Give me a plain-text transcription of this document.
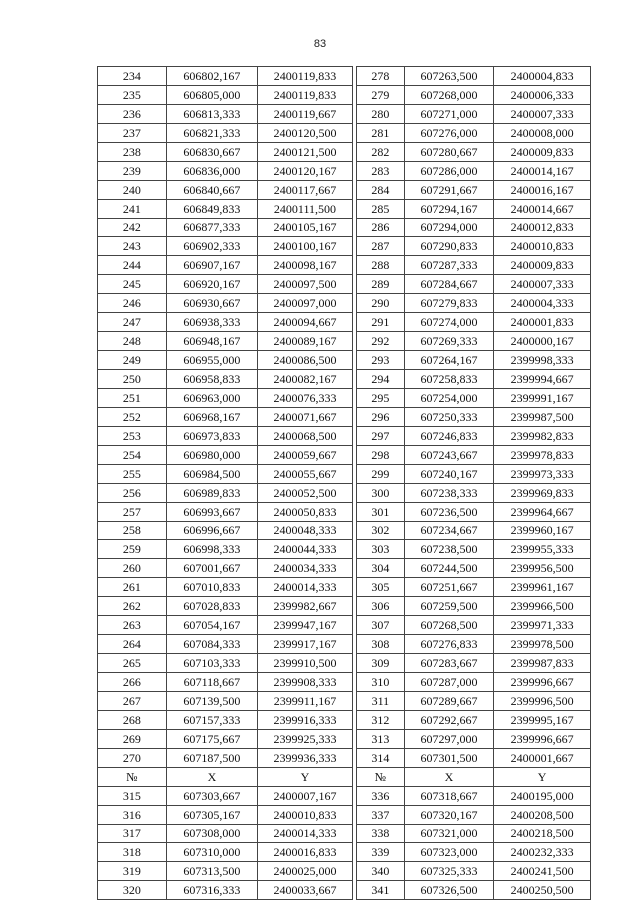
83
234	606802,167	2400119,833		278	607263,500	2400004,833
235	606805,000	2400119,833		279	607268,000	2400006,333
236	606813,333	2400119,667		280	607271,000	2400007,333
237	606821,333	2400120,500		281	607276,000	2400008,000
238	606830,667	2400121,500		282	607280,667	2400009,833
239	606836,000	2400120,167		283	607286,000	2400014,167
240	606840,667	2400117,667		284	607291,667	2400016,167
241	606849,833	2400111,500		285	607294,167	2400014,667
242	606877,333	2400105,167		286	607294,000	2400012,833
243	606902,333	2400100,167		287	607290,833	2400010,833
244	606907,167	2400098,167		288	607287,333	2400009,833
245	606920,167	2400097,500		289	607284,667	2400007,333
246	606930,667	2400097,000		290	607279,833	2400004,333
247	606938,333	2400094,667		291	607274,000	2400001,833
248	606948,167	2400089,167		292	607269,333	2400000,167
249	606955,000	2400086,500		293	607264,167	2399998,333
250	606958,833	2400082,167		294	607258,833	2399994,667
251	606963,000	2400076,333		295	607254,000	2399991,167
252	606968,167	2400071,667		296	607250,333	2399987,500
253	606973,833	2400068,500		297	607246,833	2399982,833
254	606980,000	2400059,667		298	607243,667	2399978,833
255	606984,500	2400055,667		299	607240,167	2399973,333
256	606989,833	2400052,500		300	607238,333	2399969,833
257	606993,667	2400050,833		301	607236,500	2399964,667
258	606996,667	2400048,333		302	607234,667	2399960,167
259	606998,333	2400044,333		303	607238,500	2399955,333
260	607001,667	2400034,333		304	607244,500	2399956,500
261	607010,833	2400014,333		305	607251,667	2399961,167
262	607028,833	2399982,667		306	607259,500	2399966,500
263	607054,167	2399947,167		307	607268,500	2399971,333
264	607084,333	2399917,167		308	607276,833	2399978,500
265	607103,333	2399910,500		309	607283,667	2399987,833
266	607118,667	2399908,333		310	607287,000	2399996,667
267	607139,500	2399911,167		311	607289,667	2399996,500
268	607157,333	2399916,333		312	607292,667	2399995,167
269	607175,667	2399925,333		313	607297,000	2399996,667
270	607187,500	2399936,333		314	607301,500	2400001,667
№	X	Y		№	X	Y
315	607303,667	2400007,167		336	607318,667	2400195,000
316	607305,167	2400010,833		337	607320,167	2400208,500
317	607308,000	2400014,333		338	607321,000	2400218,500
318	607310,000	2400016,833		339	607323,000	2400232,333
319	607313,500	2400025,000		340	607325,333	2400241,500
320	607316,333	2400033,667		341	607326,500	2400250,500
